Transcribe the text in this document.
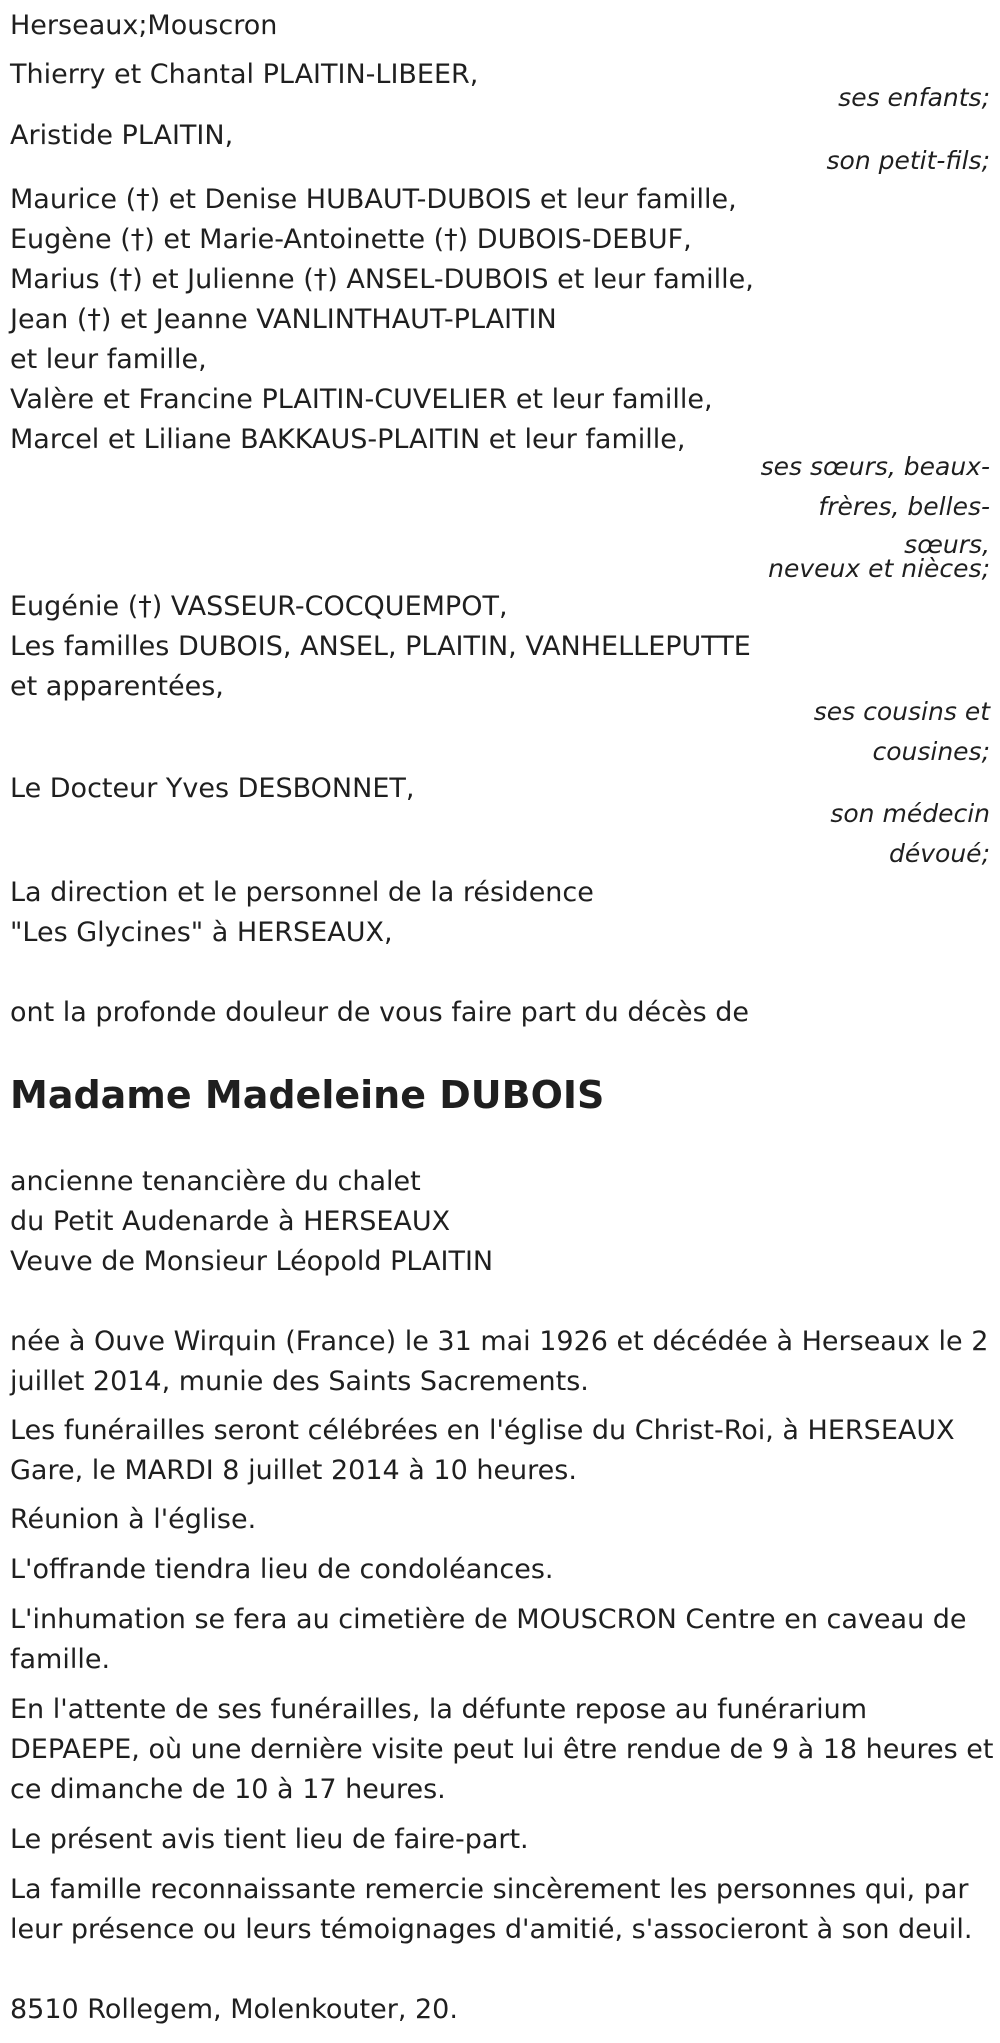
Herseaux;Mouscron
Thierry et Chantal PLAITIN-LIBEER,
ses enfants;
Aristide PLAITIN,
son petit-fils;
Maurice (†) et Denise HUBAUT-DUBOIS et leur famille,
Eugène (†) et Marie-Antoinette (†) DUBOIS-DEBUF,
Marius (†) et Julienne (†) ANSEL-DUBOIS et leur famille,
Jean (†) et Jeanne VANLINTHAUT-PLAITIN
et leur famille,
Valère et Francine PLAITIN-CUVELIER et leur famille,
Marcel et Liliane BAKKAUS-PLAITIN et leur famille,
ses sœurs, beaux-
frères, belles-
sœurs,
neveux et nièces;
Eugénie (†) VASSEUR-COCQUEMPOT,
Les familles DUBOIS, ANSEL, PLAITIN, VANHELLEPUTTE
et apparentées,
ses cousins et
cousines;
Le Docteur Yves DESBONNET,
son médecin
dévoué;
La direction et le personnel de la résidence
"Les Glycines" à HERSEAUX,
ont la profonde douleur de vous faire part du décès de
Madame Madeleine DUBOIS
ancienne tenancière du chalet
du Petit Audenarde à HERSEAUX
Veuve de Monsieur Léopold PLAITIN
née à Ouve Wirquin (France) le 31 mai 1926 et décédée à Herseaux le 2
juillet 2014, munie des Saints Sacrements.
Les funérailles seront célébrées en l'église du Christ-Roi, à HERSEAUX
Gare, le MARDI 8 juillet 2014 à 10 heures.
Réunion à l'église.
L'offrande tiendra lieu de condoléances.
L'inhumation se fera au cimetière de MOUSCRON Centre en caveau de
famille.
En l'attente de ses funérailles, la défunte repose au funérarium
DEPAEPE, où une dernière visite peut lui être rendue de 9 à 18 heures et
ce dimanche de 10 à 17 heures.
Le présent avis tient lieu de faire-part.
La famille reconnaissante remercie sincèrement les personnes qui, par
leur présence ou leurs témoignages d'amitié, s'associeront à son deuil.
8510 Rollegem, Molenkouter, 20.
